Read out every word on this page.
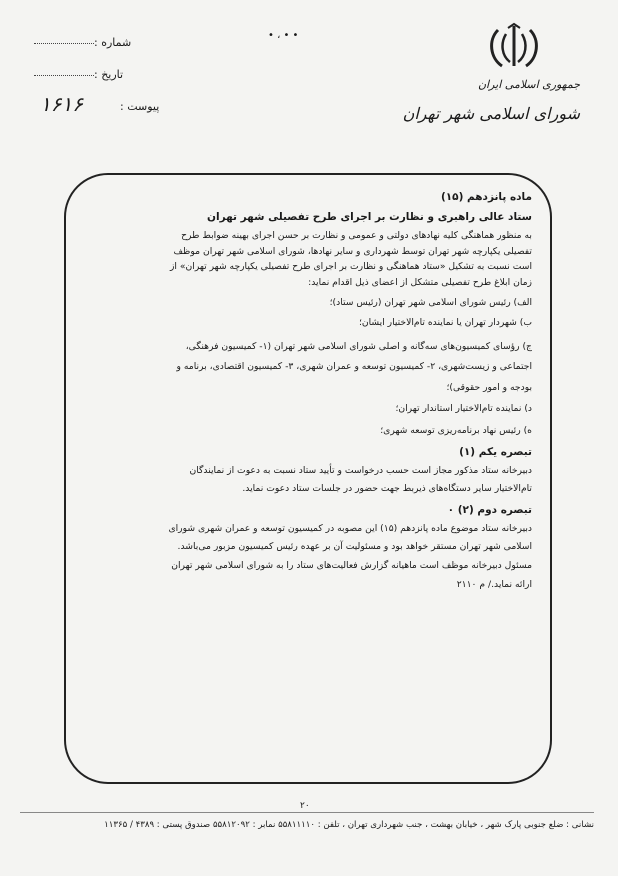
• ، • •
شماره :
تاريخ :
پيوست :
۱۶۱۶
جمهوری اسلامی ایران
شورای اسلامی شهر تهران
ماده پانزدهم (۱۵)
ستاد عالی راهبری و نظارت بر اجرای طرح تفصیلی شهر تهران
به منظور هماهنگی کلیه نهادهای دولتی و عمومی و نظارت بر حسن اجرای بهینه ضوابط طرح
تفصیلی یکپارچه شهر تهران توسط شهرداری و سایر نهادها، شورای اسلامی شهر تهران موظف
است نسبت به تشکیل «ستاد هماهنگی و نظارت بر اجرای طرح تفصیلی یکپارچه شهر تهران» از
زمان ابلاغ طرح تفصیلی متشکل از اعضای ذیل اقدام نماید:
الف) رئیس شورای اسلامی شهر تهران (رئیس ستاد)؛
ب) شهردار تهران یا نماینده تام‌الاختیار ایشان؛
ج) رؤسای کمیسیون‌های سه‌گانه و اصلی شورای اسلامی شهر تهران (۱- کمیسیون فرهنگی،
اجتماعی و زیست‌شهری، ۲- کمیسیون توسعه و عمران شهری، ۳- کمیسیون اقتصادی، برنامه و
بودجه و امور حقوقی)؛
د) نماینده تام‌الاختیار استاندار تهران؛
ه) رئیس نهاد برنامه‌ریزی توسعه شهری؛
تبصره یکم (۱)
دبیرخانه ستاد مذکور مجاز است حسب درخواست و تأیید ستاد نسبت به دعوت از نمایندگان
تام‌الاختیار سایر دستگاه‌های ذیربط جهت حضور در جلسات ستاد دعوت نماید.
تبصره دوم (۲) ۰
دبیرخانه ستاد موضوع ماده پانزدهم (۱۵) این مصوبه در کمیسیون توسعه و عمران شهری شورای
اسلامی شهر تهران مستقر خواهد بود و مسئولیت آن بر عهده رئیس کمیسیون مزبور می‌باشد.
مسئول دبیرخانه موظف است ماهیانه گزارش فعالیت‌های ستاد را به شورای اسلامی شهر تهران
ارائه نماید./ م ۲۱۱۰
۲۰
نشانی : ضلع جنوبی پارک شهر ، خیابان بهشت ، جنب شهرداری تهران ، تلفن : ۵۵۸۱۱۱۱۰ نمابر : ۵۵۸۱۲۰۹۲ صندوق پستی : ۴۳۸۹ / ۱۱۳۶۵
